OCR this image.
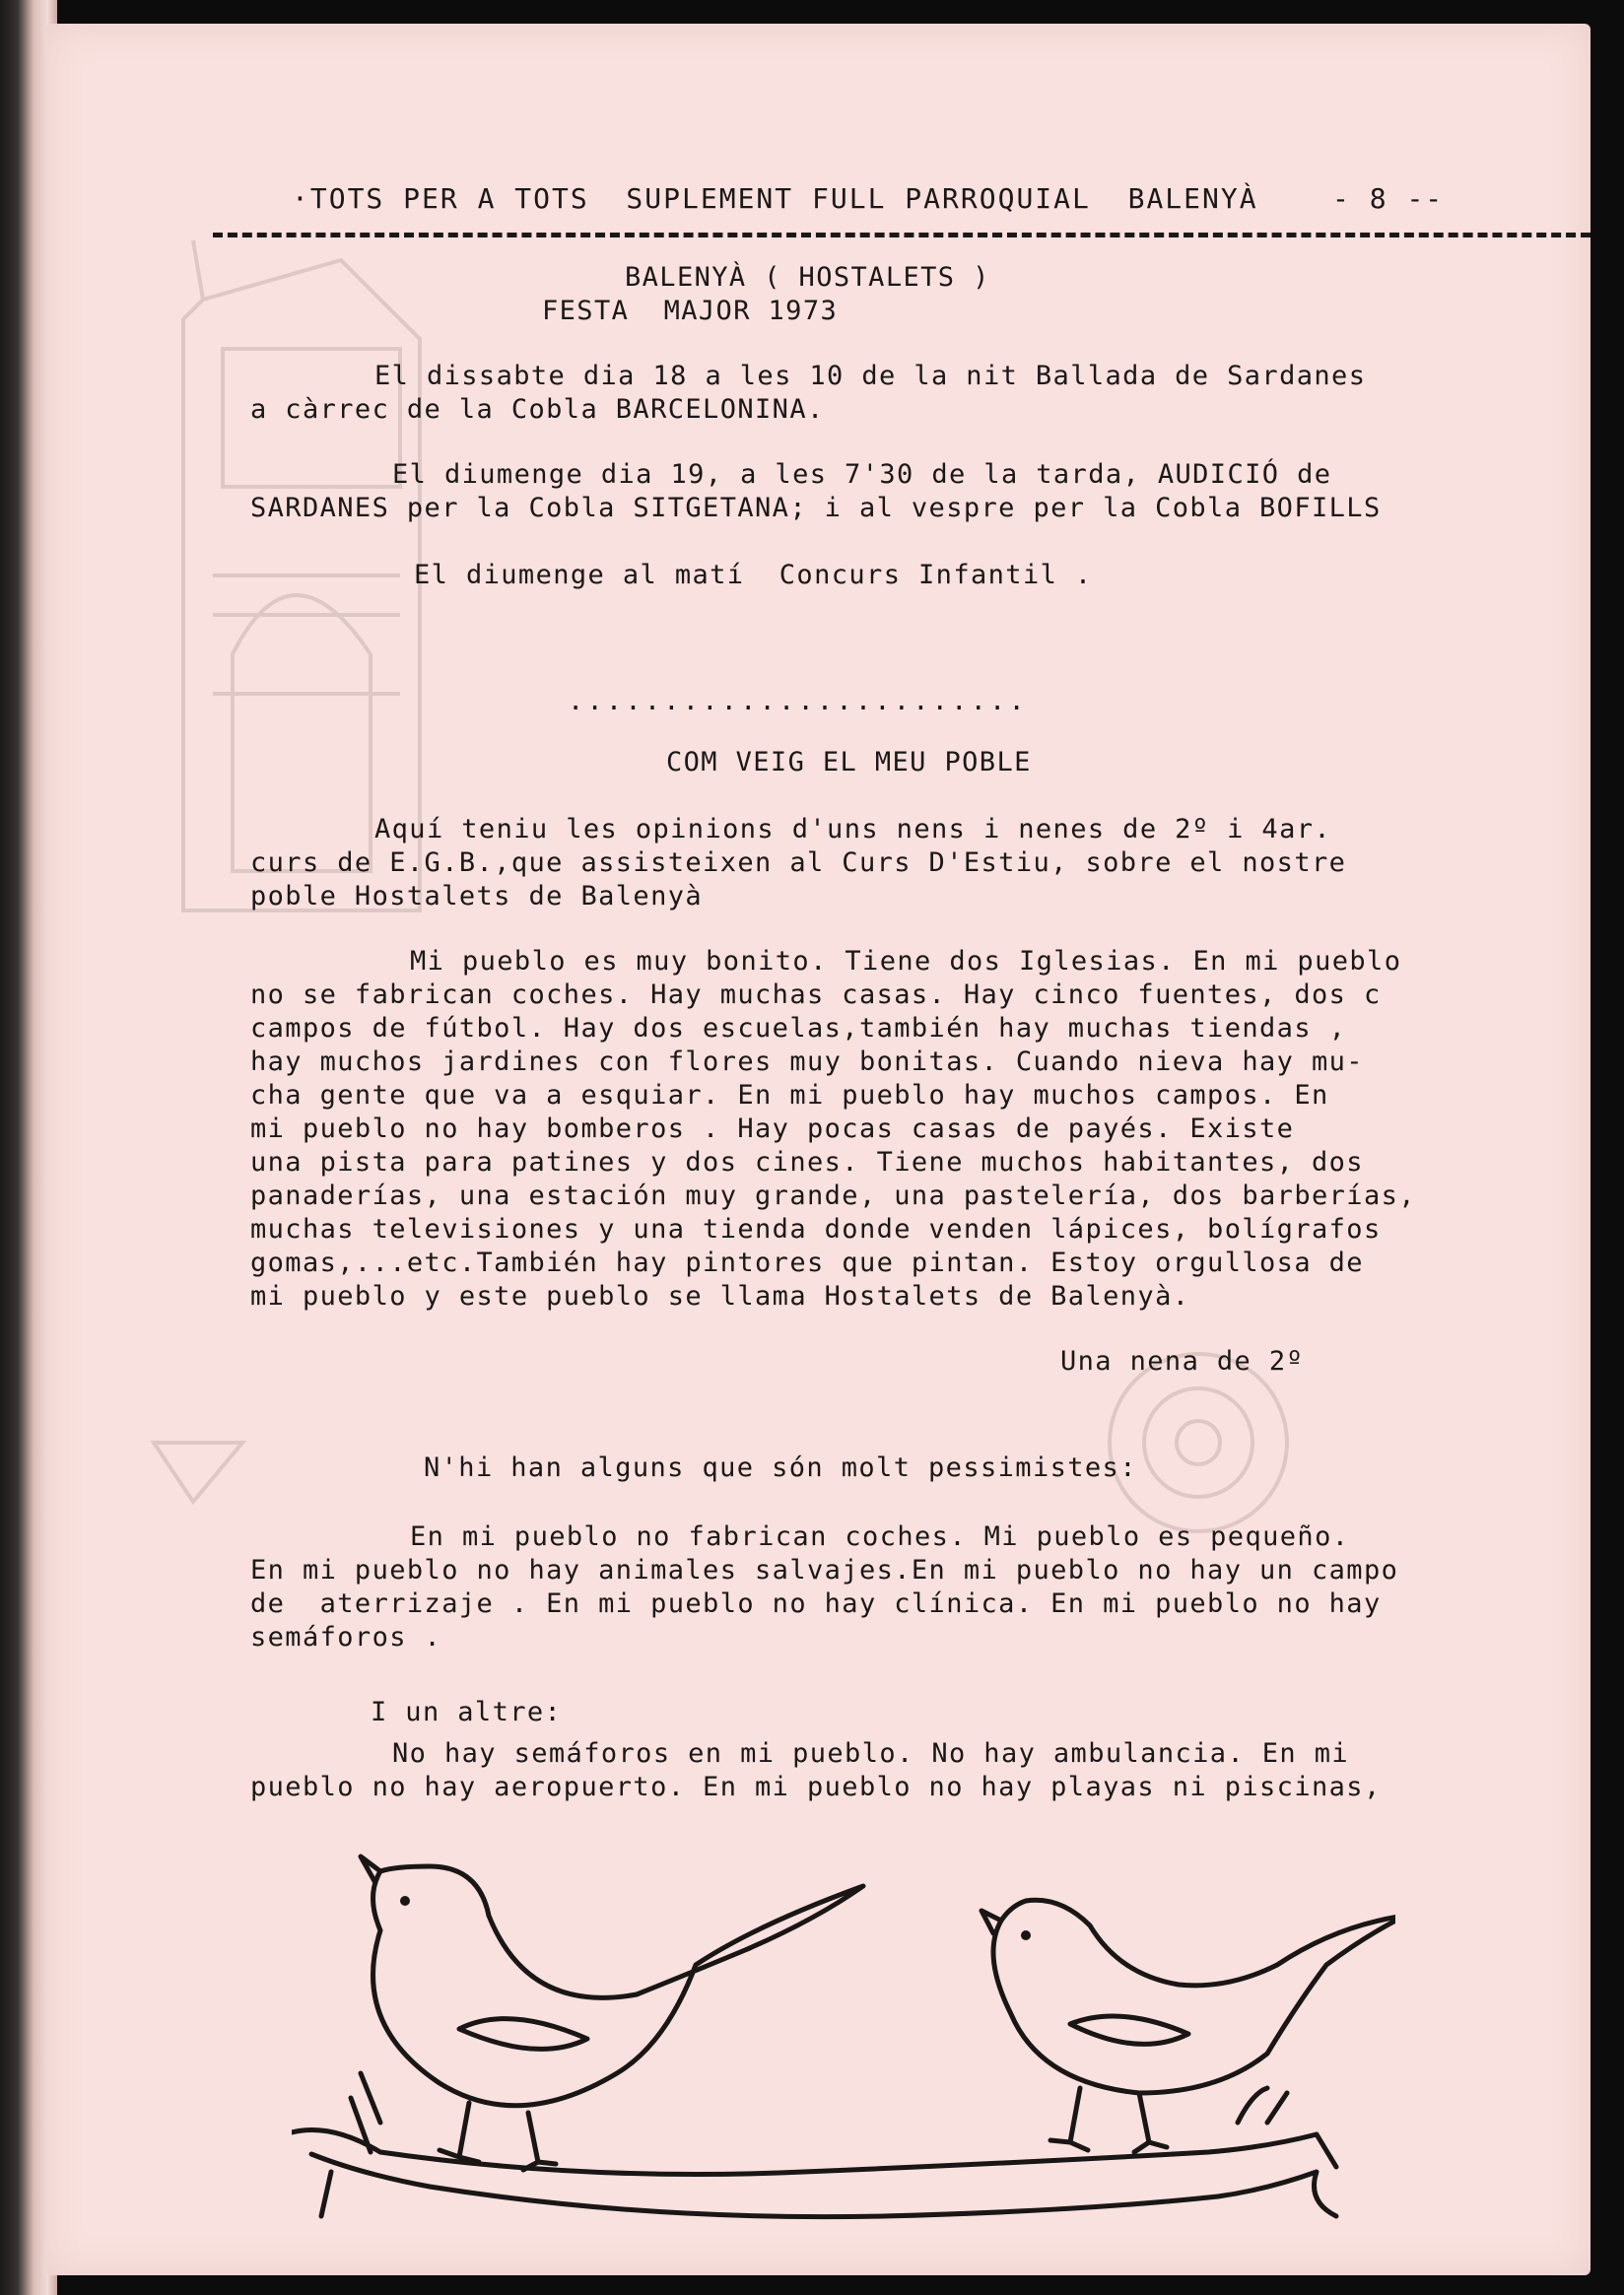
·TOTS PER A TOTS  SUPLEMENT FULL PARROQUIAL  BALENYÀ    - 8 --
BALENYÀ ( HOSTALETS )
FESTA  MAJOR 1973
El dissabte dia 18 a les 10 de la nit Ballada de Sardanes
a càrrec de la Cobla BARCELONINA.
El diumenge dia 19, a les 7'30 de la tarda, AUDICIÓ de
SARDANES per la Cobla SITGETANA; i al vespre per la Cobla BOFILLS
El diumenge al matí  Concurs Infantil .
........................
COM VEIG EL MEU POBLE
Aquí teniu les opinions d'uns nens i nenes de 2º i 4ar.
curs de E.G.B.,que assisteixen al Curs D'Estiu, sobre el nostre
poble Hostalets de Balenyà
Mi pueblo es muy bonito. Tiene dos Iglesias. En mi pueblo
no se fabrican coches. Hay muchas casas. Hay cinco fuentes, dos c
campos de fútbol. Hay dos escuelas,también hay muchas tiendas ,
hay muchos jardines con flores muy bonitas. Cuando nieva hay mu-
cha gente que va a esquiar. En mi pueblo hay muchos campos. En
mi pueblo no hay bomberos . Hay pocas casas de payés. Existe
una pista para patines y dos cines. Tiene muchos habitantes, dos
panaderías, una estación muy grande, una pastelería, dos barberías,
muchas televisiones y una tienda donde venden lápices, bolígrafos
gomas,...etc.También hay pintores que pintan. Estoy orgullosa de
mi pueblo y este pueblo se llama Hostalets de Balenyà.
Una nena de 2º
N'hi han alguns que són molt pessimistes:
En mi pueblo no fabrican coches. Mi pueblo es pequeño.
En mi pueblo no hay animales salvajes.En mi pueblo no hay un campo
de  aterrizaje . En mi pueblo no hay clínica. En mi pueblo no hay
semáforos .
I un altre:
No hay semáforos en mi pueblo. No hay ambulancia. En mi
pueblo no hay aeropuerto. En mi pueblo no hay playas ni piscinas,
